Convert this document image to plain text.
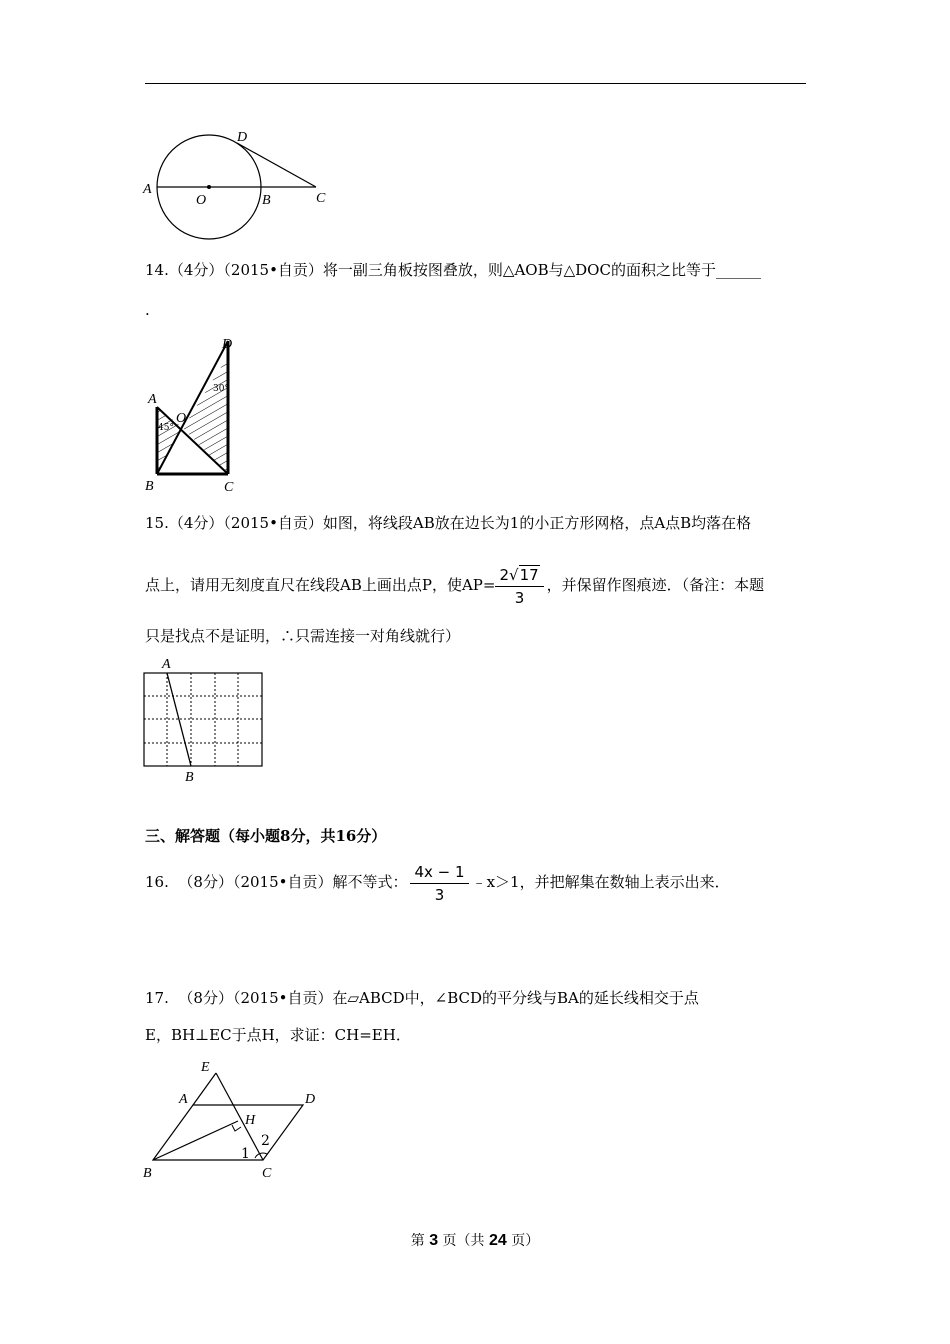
A
O	B	C
D
14.（4分）（2015•自贡）将一副三角板按图叠放，则△AOB与△DOC的面积之比等于______
.
A
B	C
D
O
45°
30°
15.（4分）（2015•自贡）如图，将线段AB放在边长为1的小正方形网格，点A点B均落在格
点上，请用无刻度直尺在线段AB上画出点P，使$AP= \frac{2√17}{3}$ ，并保留作图痕迹．（备注：本题
只是找点不是证明，∴只需连接一对角线就行）
A
B
三、解答题（每小题8分，共16分）
16. （8分）（2015•自贡）解不等式： $\frac{4x - 1}{3}$ ﹣x＞1，并把解集在数轴上表示出来．
17. （8分）（2015•自贡）在▱ABCD中，∠BCD的平分线与BA的延长线相交于点
E，BH⊥EC于点H，求证：CH=EH．
E
A	D
H
B	C
1
2
第 3 页（共 24 页）
